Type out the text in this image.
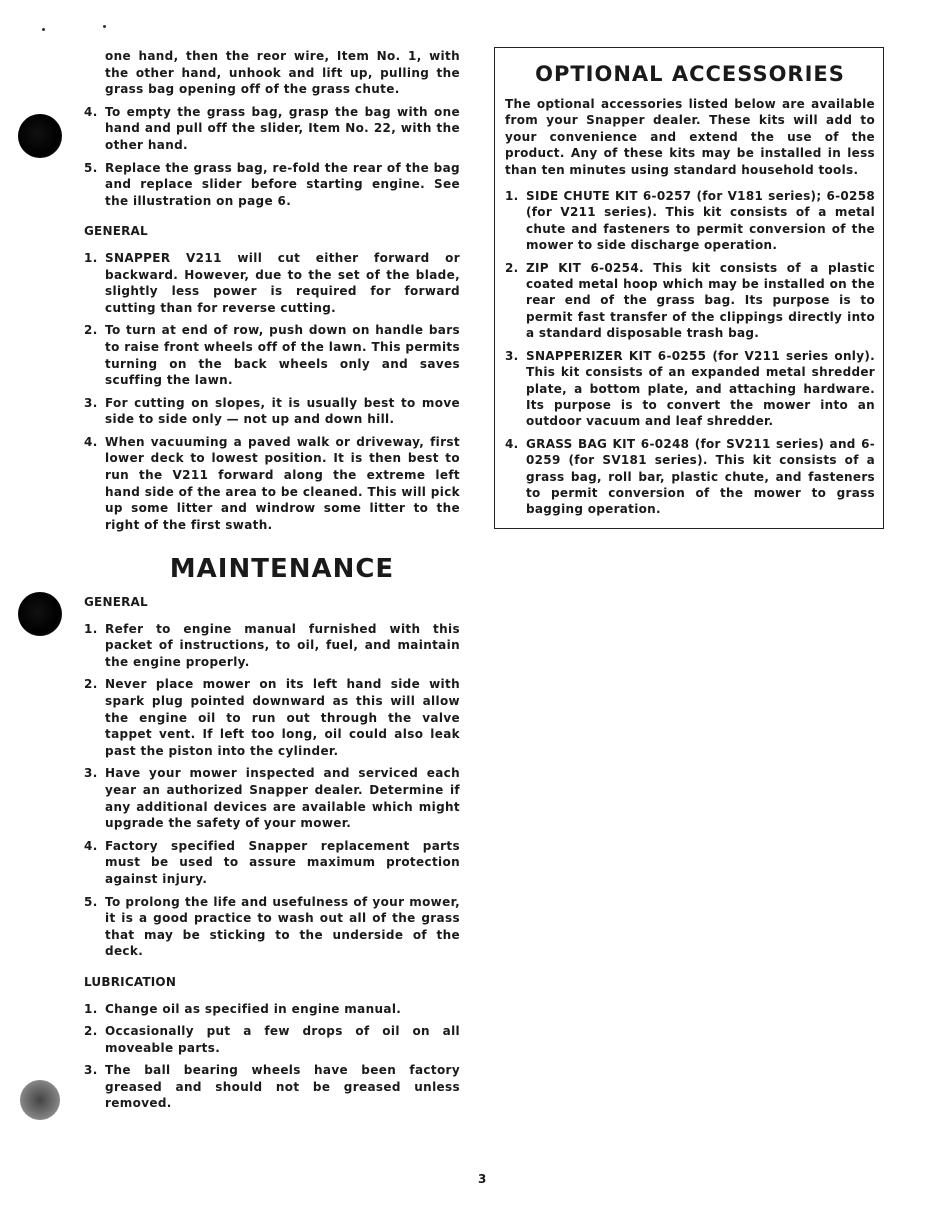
one hand, then the reor wire, Item No. 1, with the other hand, unhook and lift up, pulling the grass bag opening off of the grass chute.
4. To empty the grass bag, grasp the bag with one hand and pull off the slider, Item No. 22, with the other hand.
5. Replace the grass bag, re-fold the rear of the bag and replace slider before starting engine. See the illustration on page 6.
GENERAL
1. SNAPPER V211 will cut either forward or backward. However, due to the set of the blade, slightly less power is required for forward cutting than for reverse cutting.
2. To turn at end of row, push down on handle bars to raise front wheels off of the lawn. This permits turning on the back wheels only and saves scuffing the lawn.
3. For cutting on slopes, it is usually best to move side to side only — not up and down hill.
4. When vacuuming a paved walk or driveway, first lower deck to lowest position. It is then best to run the V211 forward along the extreme left hand side of the area to be cleaned. This will pick up some litter and windrow some litter to the right of the first swath.
MAINTENANCE
GENERAL
1. Refer to engine manual furnished with this packet of instructions, to oil, fuel, and maintain the engine properly.
2. Never place mower on its left hand side with spark plug pointed downward as this will allow the engine oil to run out through the valve tappet vent. If left too long, oil could also leak past the piston into the cylinder.
3. Have your mower inspected and serviced each year an authorized Snapper dealer. Determine if any additional devices are available which might upgrade the safety of your mower.
4. Factory specified Snapper replacement parts must be used to assure maximum protection against injury.
5. To prolong the life and usefulness of your mower, it is a good practice to wash out all of the grass that may be sticking to the underside of the deck.
LUBRICATION
1. Change oil as specified in engine manual.
2. Occasionally put a few drops of oil on all moveable parts.
3. The ball bearing wheels have been factory greased and should not be greased unless removed.
OPTIONAL ACCESSORIES

The optional accessories listed below are available from your Snapper dealer. These kits will add to your convenience and extend the use of the product. Any of these kits may be installed in less than ten minutes using standard household tools.

1. SIDE CHUTE KIT 6-0257 (for V181 series); 6-0258 (for V211 series). This kit consists of a metal chute and fasteners to permit conversion of the mower to side discharge operation.
2. ZIP KIT 6-0254. This kit consists of a plastic coated metal hoop which may be installed on the rear end of the grass bag. Its purpose is to permit fast transfer of the clippings directly into a standard disposable trash bag.
3. SNAPPERIZER KIT 6-0255 (for V211 series only). This kit consists of an expanded metal shredder plate, a bottom plate, and attaching hardware. Its purpose is to convert the mower into an outdoor vacuum and leaf shredder.
4. GRASS BAG KIT 6-0248 (for SV211 series) and 6-0259 (for SV181 series). This kit consists of a grass bag, roll bar, plastic chute, and fasteners to permit conversion of the mower to grass bagging operation.
3
